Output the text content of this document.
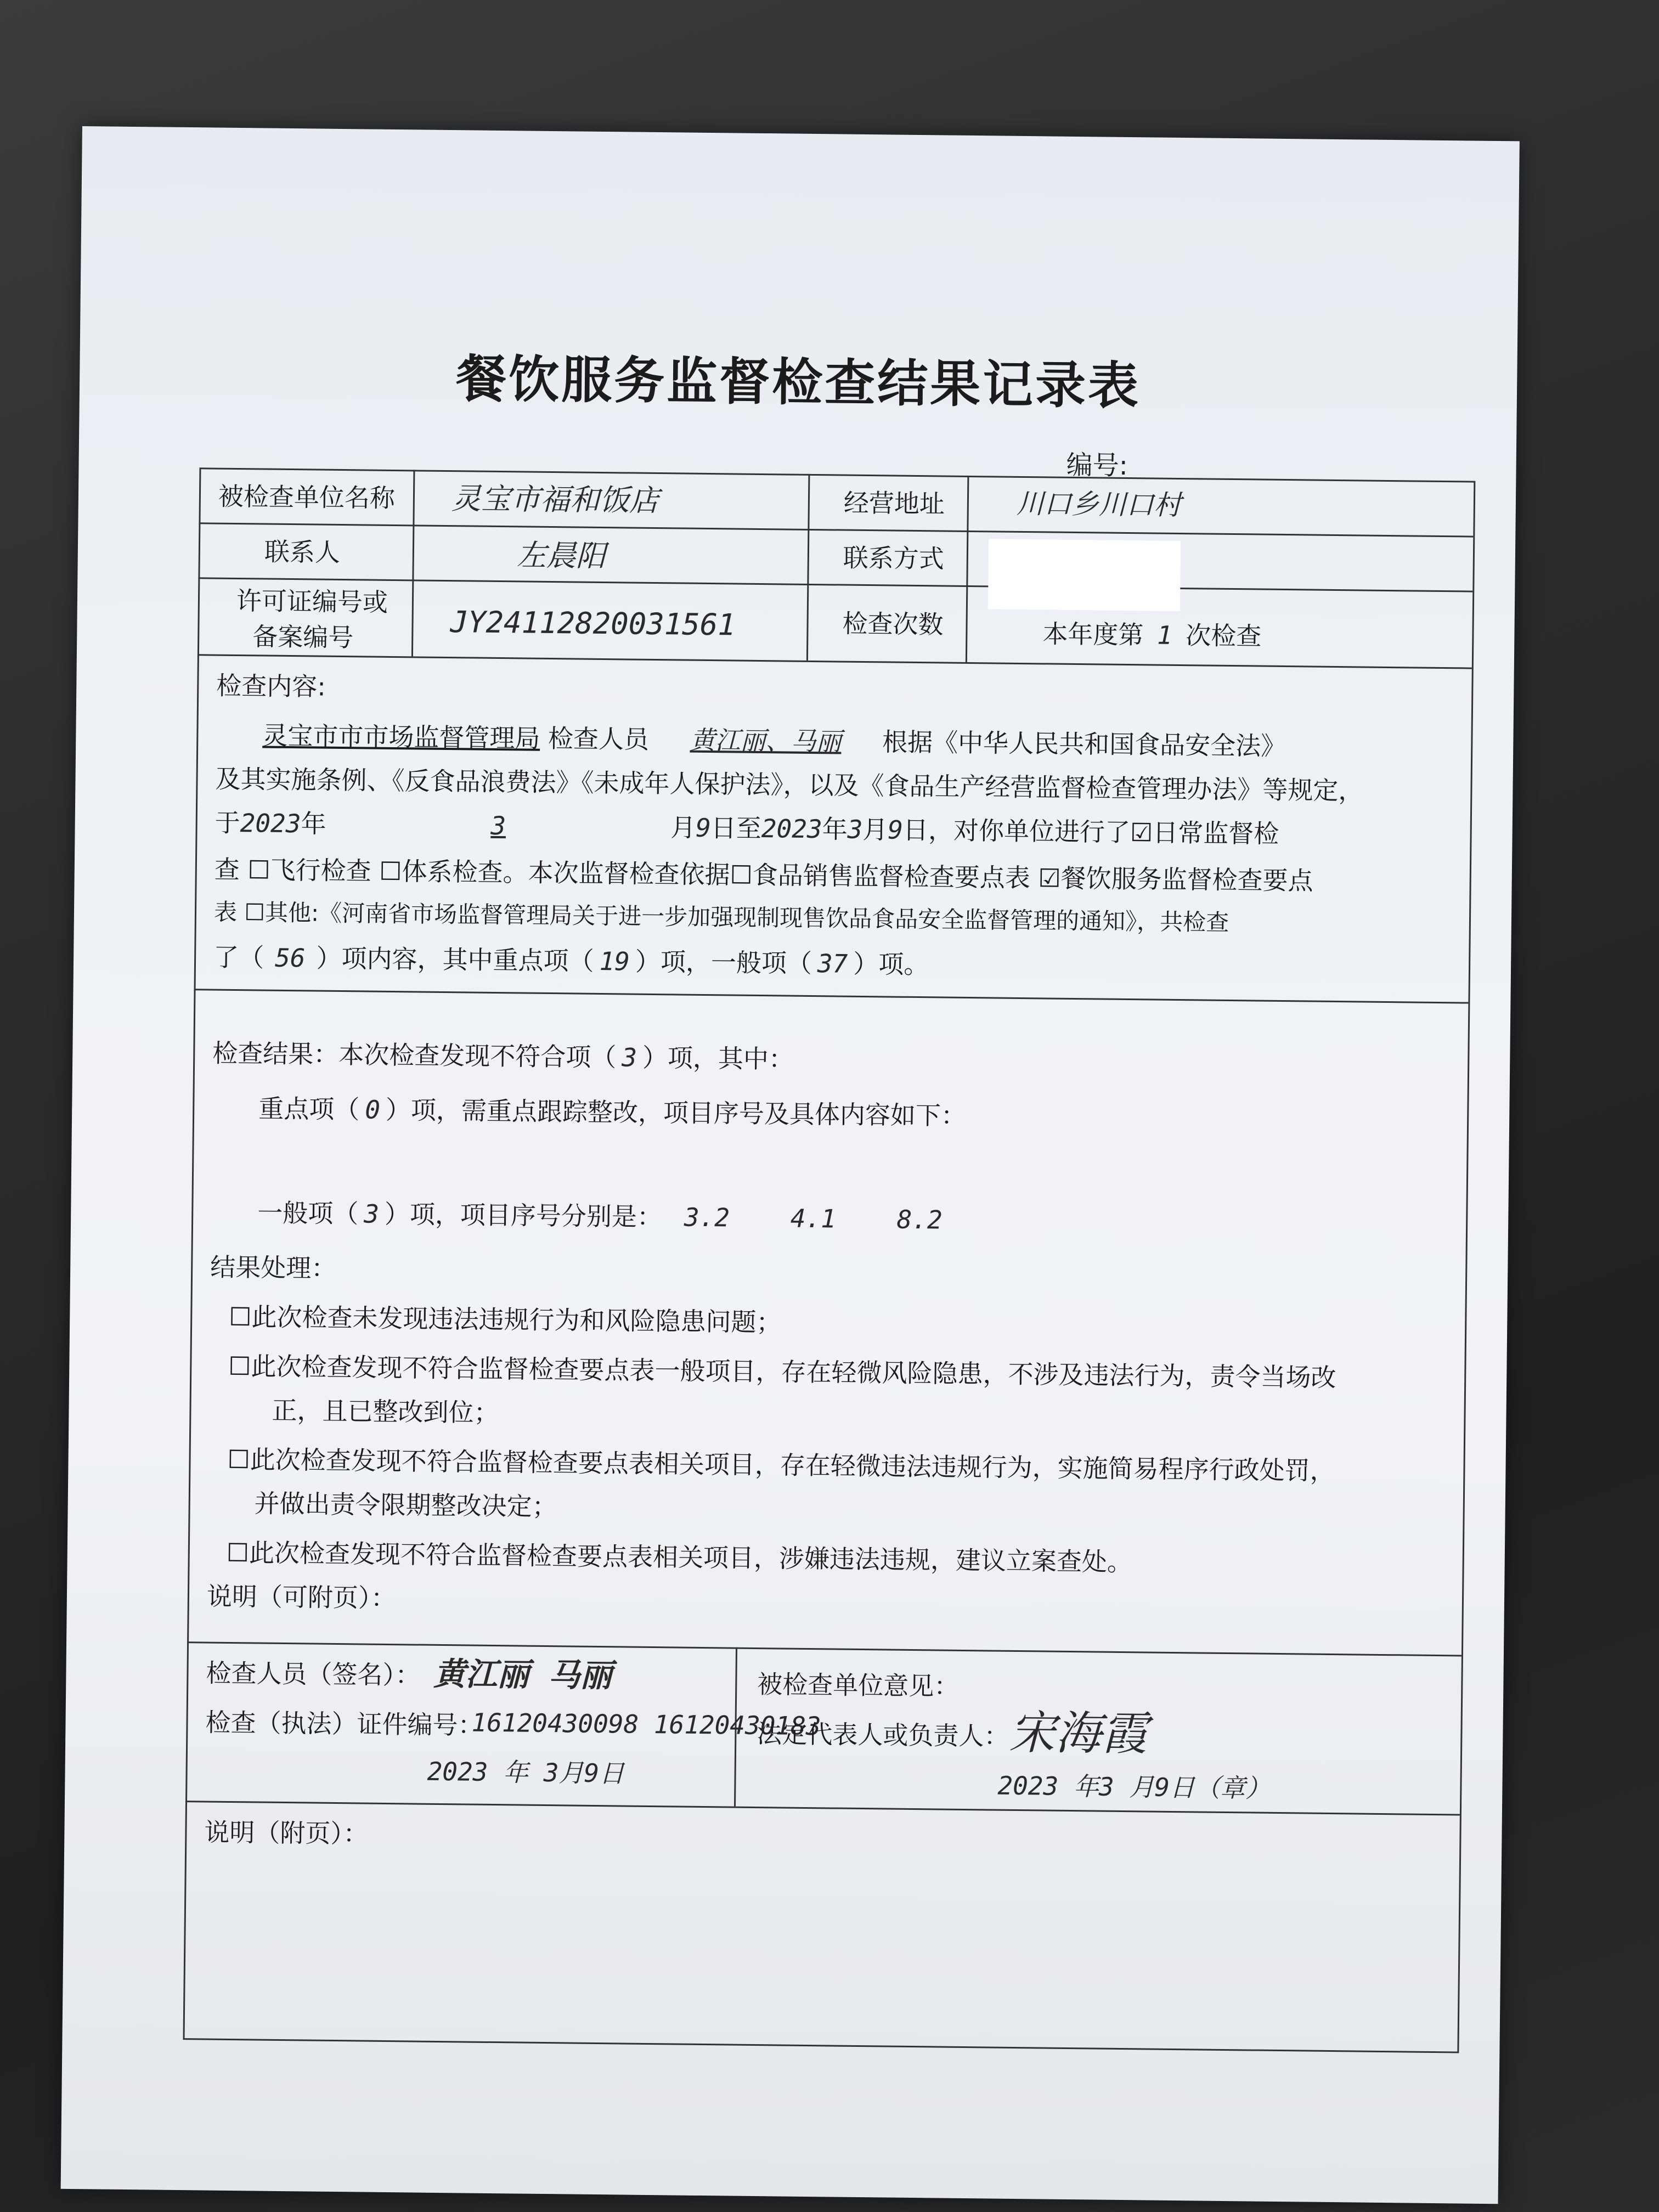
餐饮服务监督检查结果记录表
编号:
被检查单位名称 灵宝市福和饭店	经营地址	川口乡川口村
联系人	左晨阳	联系方式
许可证编号或
备案编号	JY24112820031561	检查次数	本年度第 1 次检查
检查内容:
灵宝市市市场监督管理局 检查人员 黄江丽、马丽 根据《中华人民共和国食品安全法》
及其实施条例、《反食品浪费法》《未成年人保护法》，以及《食品生产经营监督检查管理办法》等规定，
于2023年	3	月9日至2023年3月9日，对你单位进行了☑日常监督检
查 ☐飞行检查 ☐体系检查。本次监督检查依据☐食品销售监督检查要点表 ☑餐饮服务监督检查要点
表 ☐其他:《河南省市场监督管理局关于进一步加强现制现售饮品食品安全监督管理的通知》，共检查
了（ 56 ）项内容，其中重点项（ 19 ）项，一般项（ 37 ）项。
检查结果：本次检查发现不符合项（ 3 ）项，其中：
重点项（ 0 ）项，需重点跟踪整改，项目序号及具体内容如下：
一般项（ 3 ）项，项目序号分别是： 3.2    4.1    8.2
结果处理：
☐此次检查未发现违法违规行为和风险隐患问题；
☐此次检查发现不符合监督检查要点表一般项目，存在轻微风险隐患，不涉及违法行为，责令当场改
正，且已整改到位；
☐此次检查发现不符合监督检查要点表相关项目，存在轻微违法违规行为，实施简易程序行政处罚，
并做出责令限期整改决定；
☐此次检查发现不符合监督检查要点表相关项目，涉嫌违法违规，建议立案查处。
说明（可附页）：
检查人员（签名）： 黄江丽 马丽
检查（执法）证件编号：
16120430098 16120430183
2023 年 3月9日
被检查单位意见：
法定代表人或负责人： 宋海霞
2023 年3 月9日（章）
说明（附页）：
